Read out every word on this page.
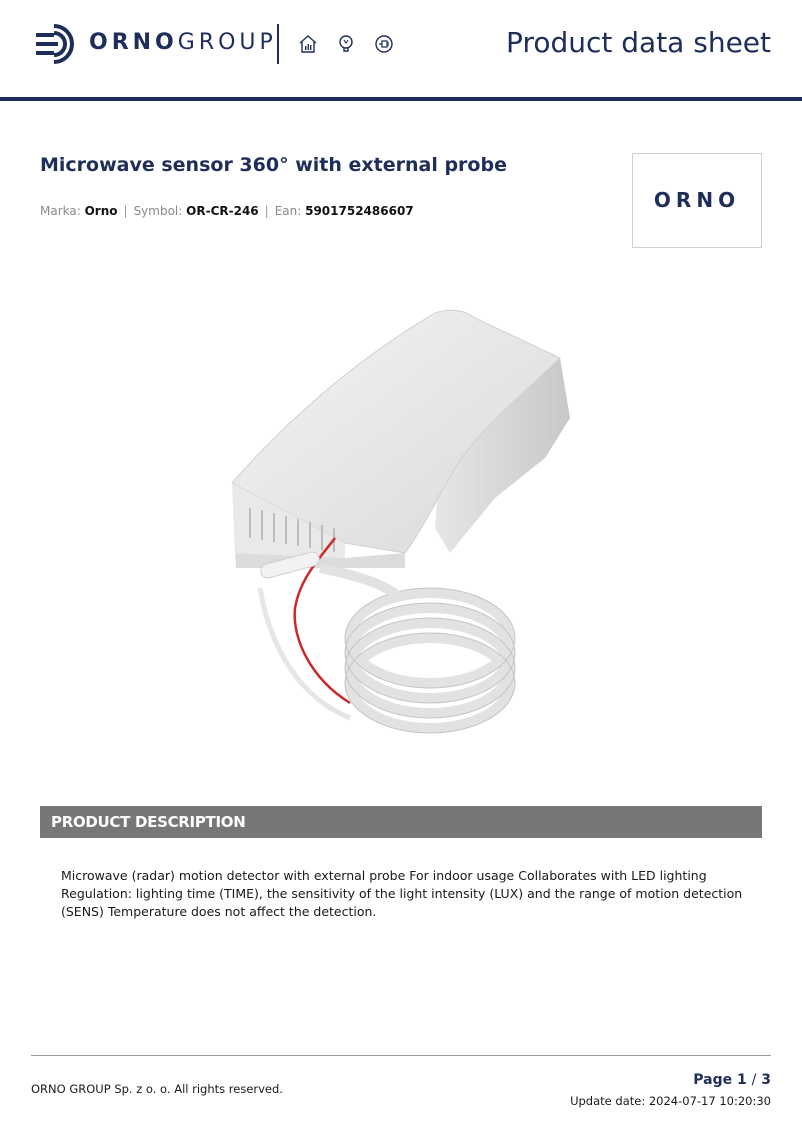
ORNOGROUP	Product data sheet
Microwave sensor 360° with external probe
Marka: Orno | Symbol: OR-CR-246 | Ean: 5901752486607	ORNO
PRODUCT DESCRIPTION
Microwave (radar) motion detector with external probe For indoor usage Collaborates with LED lighting Regulation: lighting time (TIME), the sensitivity of the light intensity (LUX) and the range of motion detection (SENS) Temperature does not affect the detection.
ORNO GROUP Sp. z o. o. All rights reserved.
Page 1 / 3
Update date: 2024-07-17 10:20:30
